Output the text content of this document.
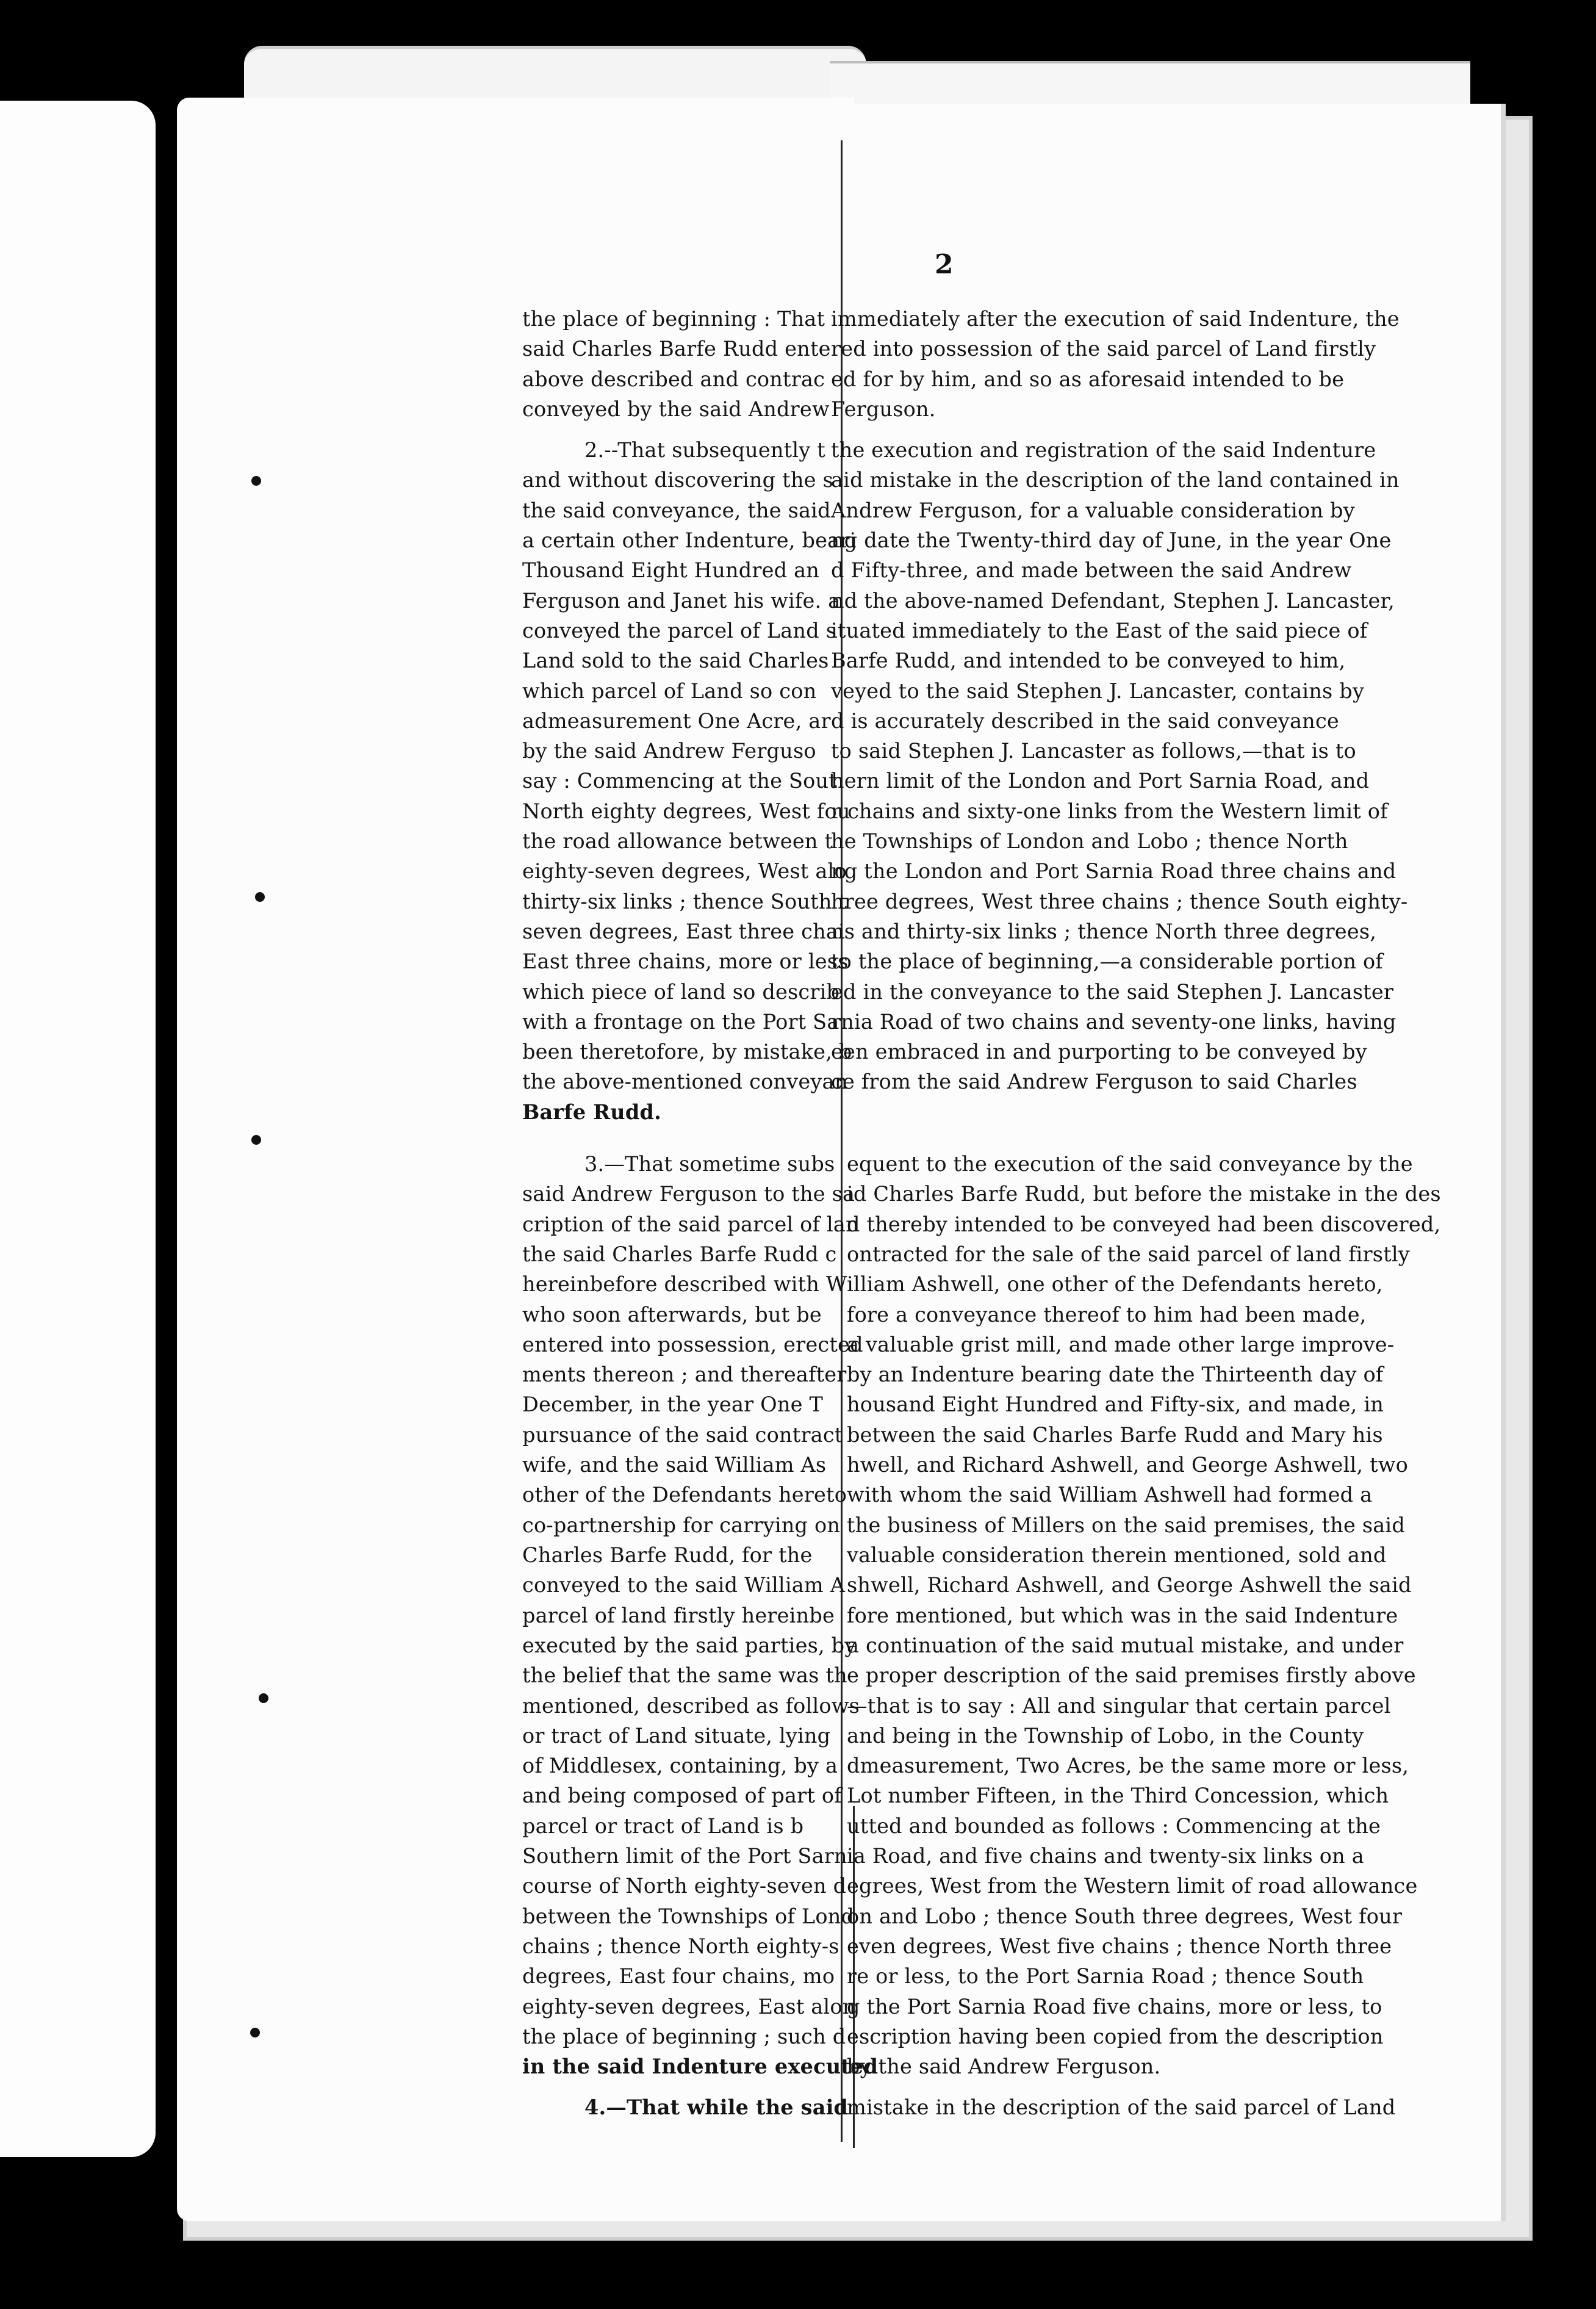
2
the place of beginning : That immediately after the execution of said Indenture, the
said Charles Barfe Rudd ente red into possession of the said parcel of Land firstly
above described and contrac ed for by him, and so as aforesaid intended to be
conveyed by the said Andrew Ferguson.
2.--That subsequently t the execution and registration of the said Indenture
and without discovering the s
aid mistake in the description of the land contained in
the said conveyance, the said Andrew Ferguson, for a valuable consideration by
a certain other Indenture, beari
ng date the Twenty-third day of June, in the year One
Thousand Eight Hundred an d Fifty-three, and made between the said Andrew
Ferguson and Janet his wife. a
nd the above-named Defendant, Stephen J. Lancaster,
conveyed the parcel of Land s
ituated immediately to the East of the said piece of
Land sold to the said Charles Barfe Rudd, and intended to be conveyed to him,
which parcel of Land so con veyed to the said Stephen J. Lancaster, contains by
admeasurement One Acre, ar d is accurately described in the said conveyance
by the said Andrew Ferguso to said Stephen J. Lancaster as follows,—that is to
say : Commencing at the Sout
hern limit of the London and Port Sarnia Road, and
North eighty degrees, West fou
r chains and sixty-one links from the Western limit of
the road allowance between t
he Townships of London and Lobo ; thence North
eighty-seven degrees, West alo
ng the London and Port Sarnia Road three chains and
thirty-six links ; thence South t
hree degrees, West three chains ; thence South eighty-
seven degrees, East three chai
ns and thirty-six links ; thence North three degrees,
East three chains, more or less
to the place of beginning,—a considerable portion of
which piece of land so describ
ed in the conveyance to the said Stephen J. Lancaster
with a frontage on the Port Sa
rnia Road of two chains and seventy-one links, having
been theretofore, by mistake, b
een embraced in and purporting to be conveyed by
the above-mentioned conveyan
ce from the said Andrew Ferguson to said Charles
Barfe Rudd.
3.—That sometime subs equent to the execution of the said conveyance by the
said Andrew Ferguson to the sa
id Charles Barfe Rudd, but before the mistake in the des
cription of the said parcel of lan
d thereby intended to be conveyed had been discovered,
the said Charles Barfe Rudd c ontracted for the sale of the said parcel of land firstly
hereinbefore described with W illiam Ashwell, one other of the Defendants hereto,
who soon afterwards, but be fore a conveyance thereof to him had been made,
entered into possession, erected
a valuable grist mill, and made other large improve-
ments thereon ; and thereafter by an Indenture bearing date the Thirteenth day of
December, in the year One T housand Eight Hundred and Fifty-six, and made, in
pursuance of the said contract between the said Charles Barfe Rudd and Mary his
wife, and the said William As hwell, and Richard Ashwell, and George Ashwell, two
other of the Defendants hereto with whom the said William Ashwell had formed a
co-partnership for carrying on the business of Millers on the said premises, the said
Charles Barfe Rudd, for the valuable consideration therein mentioned, sold and
conveyed to the said William A shwell, Richard Ashwell, and George Ashwell the said
parcel of land firstly hereinbe fore mentioned, but which was in the said Indenture
executed by the said parties, by
a continuation of the said mutual mistake, and under
the belief that the same was th e proper description of the said premises firstly above
mentioned, described as follows
—that is to say : All and singular that certain parcel
or tract of Land situate, lying and being in the Township of Lobo, in the County
of Middlesex, containing, by a dmeasurement, Two Acres, be the same more or less,
and being composed of part of Lot number Fifteen, in the Third Concession, which
parcel or tract of Land is b utted and bounded as follows : Commencing at the
Southern limit of the Port Sarn ia Road, and five chains and twenty-six links on a
course of North eighty-seven d egrees, West from the Western limit of road allowance
between the Townships of Lond
on and Lobo ; thence South three degrees, West four
chains ; thence North eighty-s even degrees, West five chains ; thence North three
degrees, East four chains, mo re or less, to the Port Sarnia Road ; thence South
eighty-seven degrees, East alon
g the Port Sarnia Road five chains, more or less, to
the place of beginning ; such d escription having been copied from the description
in the said Indenture executed
by the said Andrew Ferguson.
4.—That while the said
mistake in the description of the said parcel of Land
